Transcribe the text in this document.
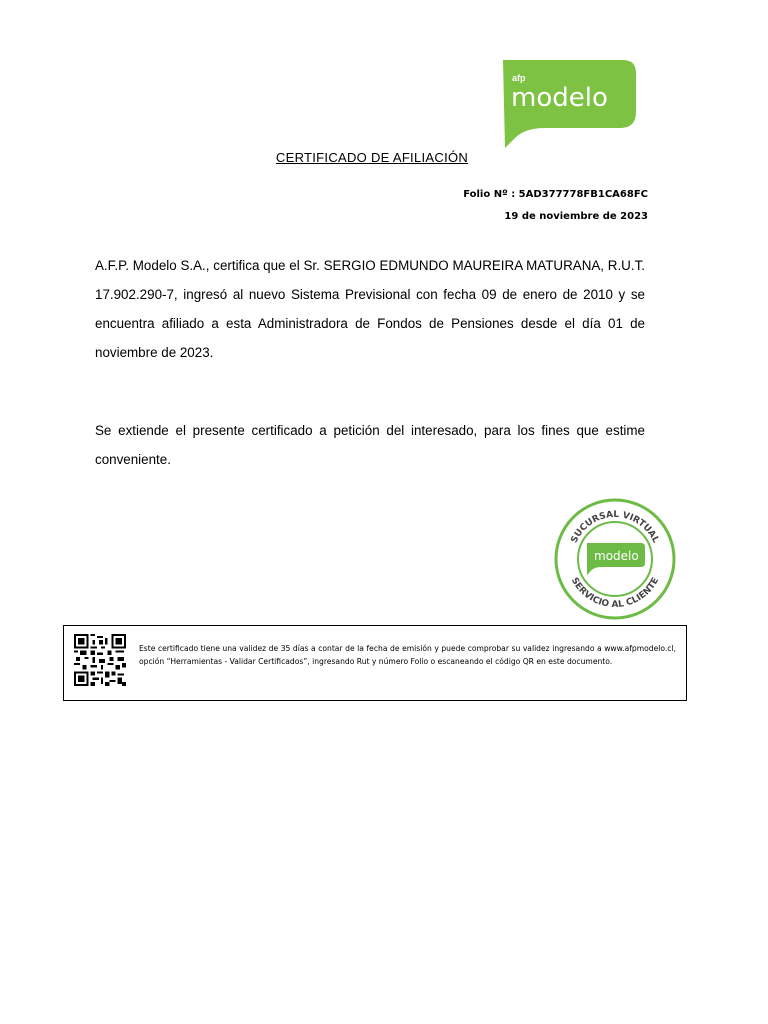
afp
modelo
CERTIFICADO DE AFILIACIÓN
Folio Nº : 5AD377778FB1CA68FC
19 de noviembre de 2023
A.F.P. Modelo S.A., certifica que el Sr. SERGIO EDMUNDO MAUREIRA MATURANA, R.U.T. 17.902.290-7, ingresó al nuevo Sistema Previsional con fecha 09 de enero de 2010 y se encuentra afiliado a esta Administradora de Fondos de Pensiones desde el día 01 de noviembre de 2023.
Se extiende el presente certificado a petición del interesado, para los fines que estime conveniente.
SUCURSAL VIRTUAL
SERVICIO AL CLIENTE
modelo
Este certificado tiene una validez de 35 días a contar de la fecha de emisión y puede comprobar su validez ingresando a www.afpmodelo.cl, opción “Herramientas - Validar Certificados”, ingresando Rut y número Folio o escaneando el código QR en este documento.
